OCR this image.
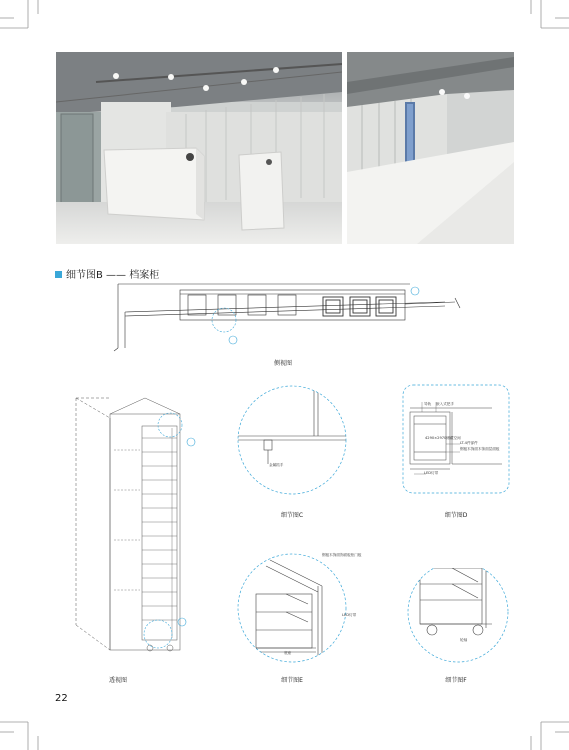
细节图B —— 档案柜
侧视图
透视图
金属抓手
细节图C
导轨 嵌入式把手
4290×2970储藏空间
LT-4件部件
钢板木饰面木饰面层面板
LED灯带
细节图D
钢板木饰面饰面板柜门板
LED灯带
底座
细节图E
轮轴
细节图F
22
